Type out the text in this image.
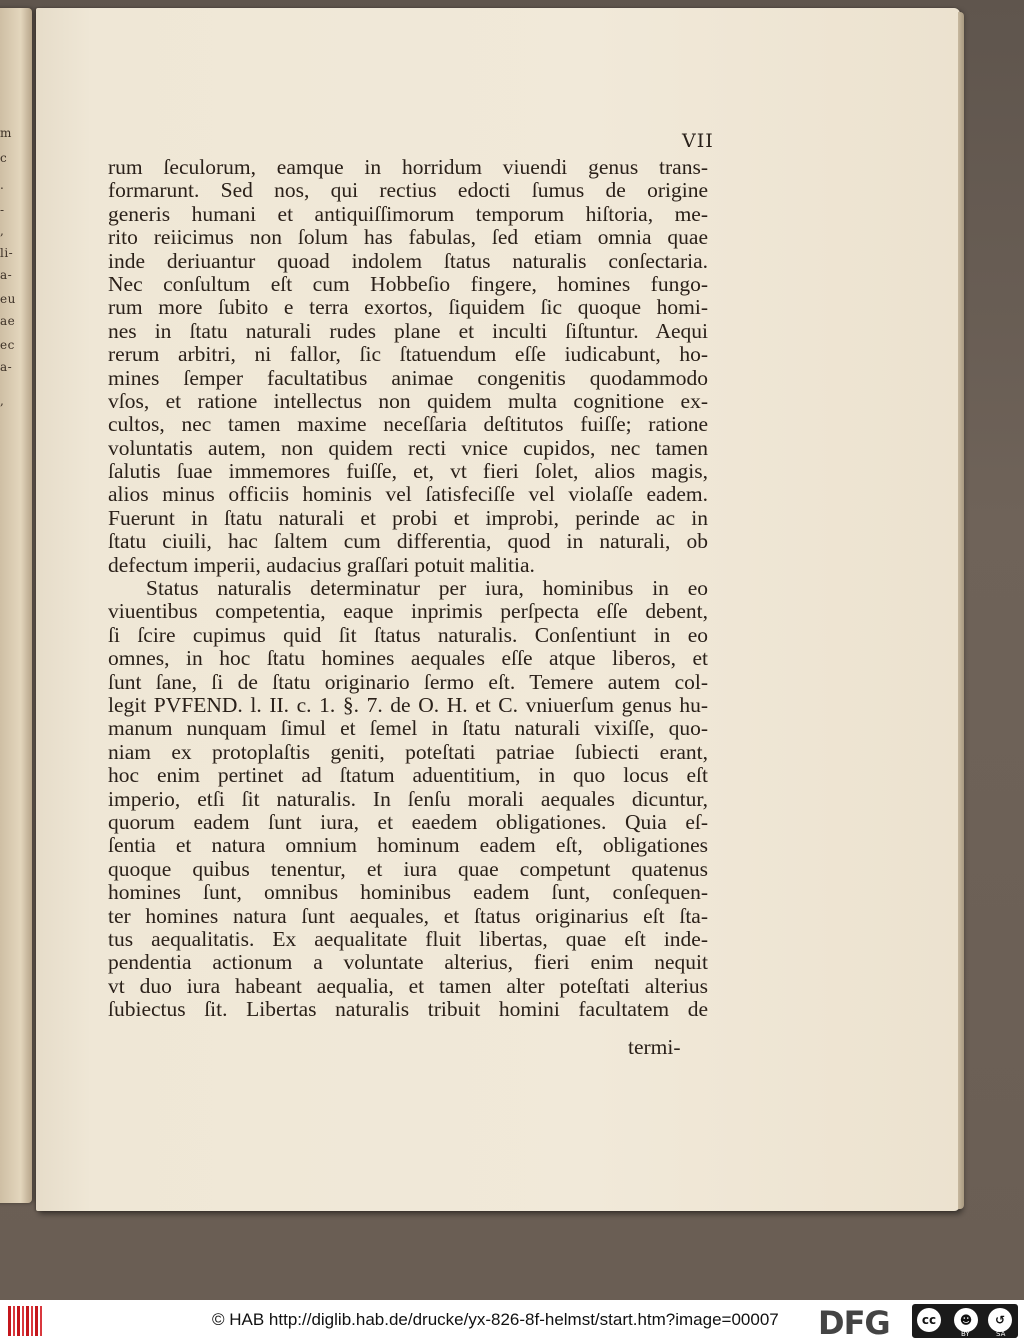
m
c
.
-
,
li-
a-
eu
ae
ec
a-
,
VII
rum ſeculorum, eamque in horridum viuendi genus trans-
formarunt. Sed nos, qui rectius edocti ſumus de origine
generis humani et antiquiſſimorum temporum hiſtoria, me-
rito reiicimus non ſolum has fabulas, ſed etiam omnia quae
inde deriuantur quoad indolem ſtatus naturalis conſectaria.
Nec conſultum eſt cum Hobbeſio fingere, homines fungo-
rum more ſubito e terra exortos, ſiquidem ſic quoque homi-
nes in ſtatu naturali rudes plane et inculti ſiſtuntur. Aequi
rerum arbitri, ni fallor, ſic ſtatuendum eſſe iudicabunt, ho-
mines ſemper facultatibus animae congenitis quodammodo
vſos, et ratione intellectus non quidem multa cognitione ex-
cultos, nec tamen maxime neceſſaria deſtitutos fuiſſe; ratione
voluntatis autem, non quidem recti vnice cupidos, nec tamen
ſalutis ſuae immemores fuiſſe, et, vt fieri ſolet, alios magis,
alios minus officiis hominis vel ſatisfeciſſe vel violaſſe eadem.
Fuerunt in ſtatu naturali et probi et improbi, perinde ac in
ſtatu ciuili, hac ſaltem cum differentia, quod in naturali, ob
defectum imperii, audacius graſſari potuit malitia.
Status naturalis determinatur per iura, hominibus in eo
viuentibus competentia, eaque inprimis perſpecta eſſe debent,
ſi ſcire cupimus quid ſit ſtatus naturalis. Conſentiunt in eo
omnes, in hoc ſtatu homines aequales eſſe atque liberos, et
ſunt ſane, ſi de ſtatu originario ſermo eſt. Temere autem col-
legit PVFEND. l. II. c. 1. §. 7. de O. H. et C. vniuerſum genus hu-
manum nunquam ſimul et ſemel in ſtatu naturali vixiſſe, quo-
niam ex protoplaſtis geniti, poteſtati patriae ſubiecti erant,
hoc enim pertinet ad ſtatum aduentitium, in quo locus eſt
imperio, etſi ſit naturalis. In ſenſu morali aequales dicuntur,
quorum eadem ſunt iura, et eaedem obligationes. Quia eſ-
ſentia et natura omnium hominum eadem eſt, obligationes
quoque quibus tenentur, et iura quae competunt quatenus
homines ſunt, omnibus hominibus eadem ſunt, conſequen-
ter homines natura ſunt aequales, et ſtatus originarius eſt ſta-
tus aequalitatis. Ex aequalitate fluit libertas, quae eſt inde-
pendentia actionum a voluntate alterius, fieri enim nequit
vt duo iura habeant aequalia, et tamen alter poteſtati alterius
ſubiectus ſit. Libertas naturalis tribuit homini facultatem de
termi-
© HAB http://diglib.hab.de/drucke/yx-826-8f-helmst/start.htm?image=00007 DFG	cc	☻	↺
BY	SA
